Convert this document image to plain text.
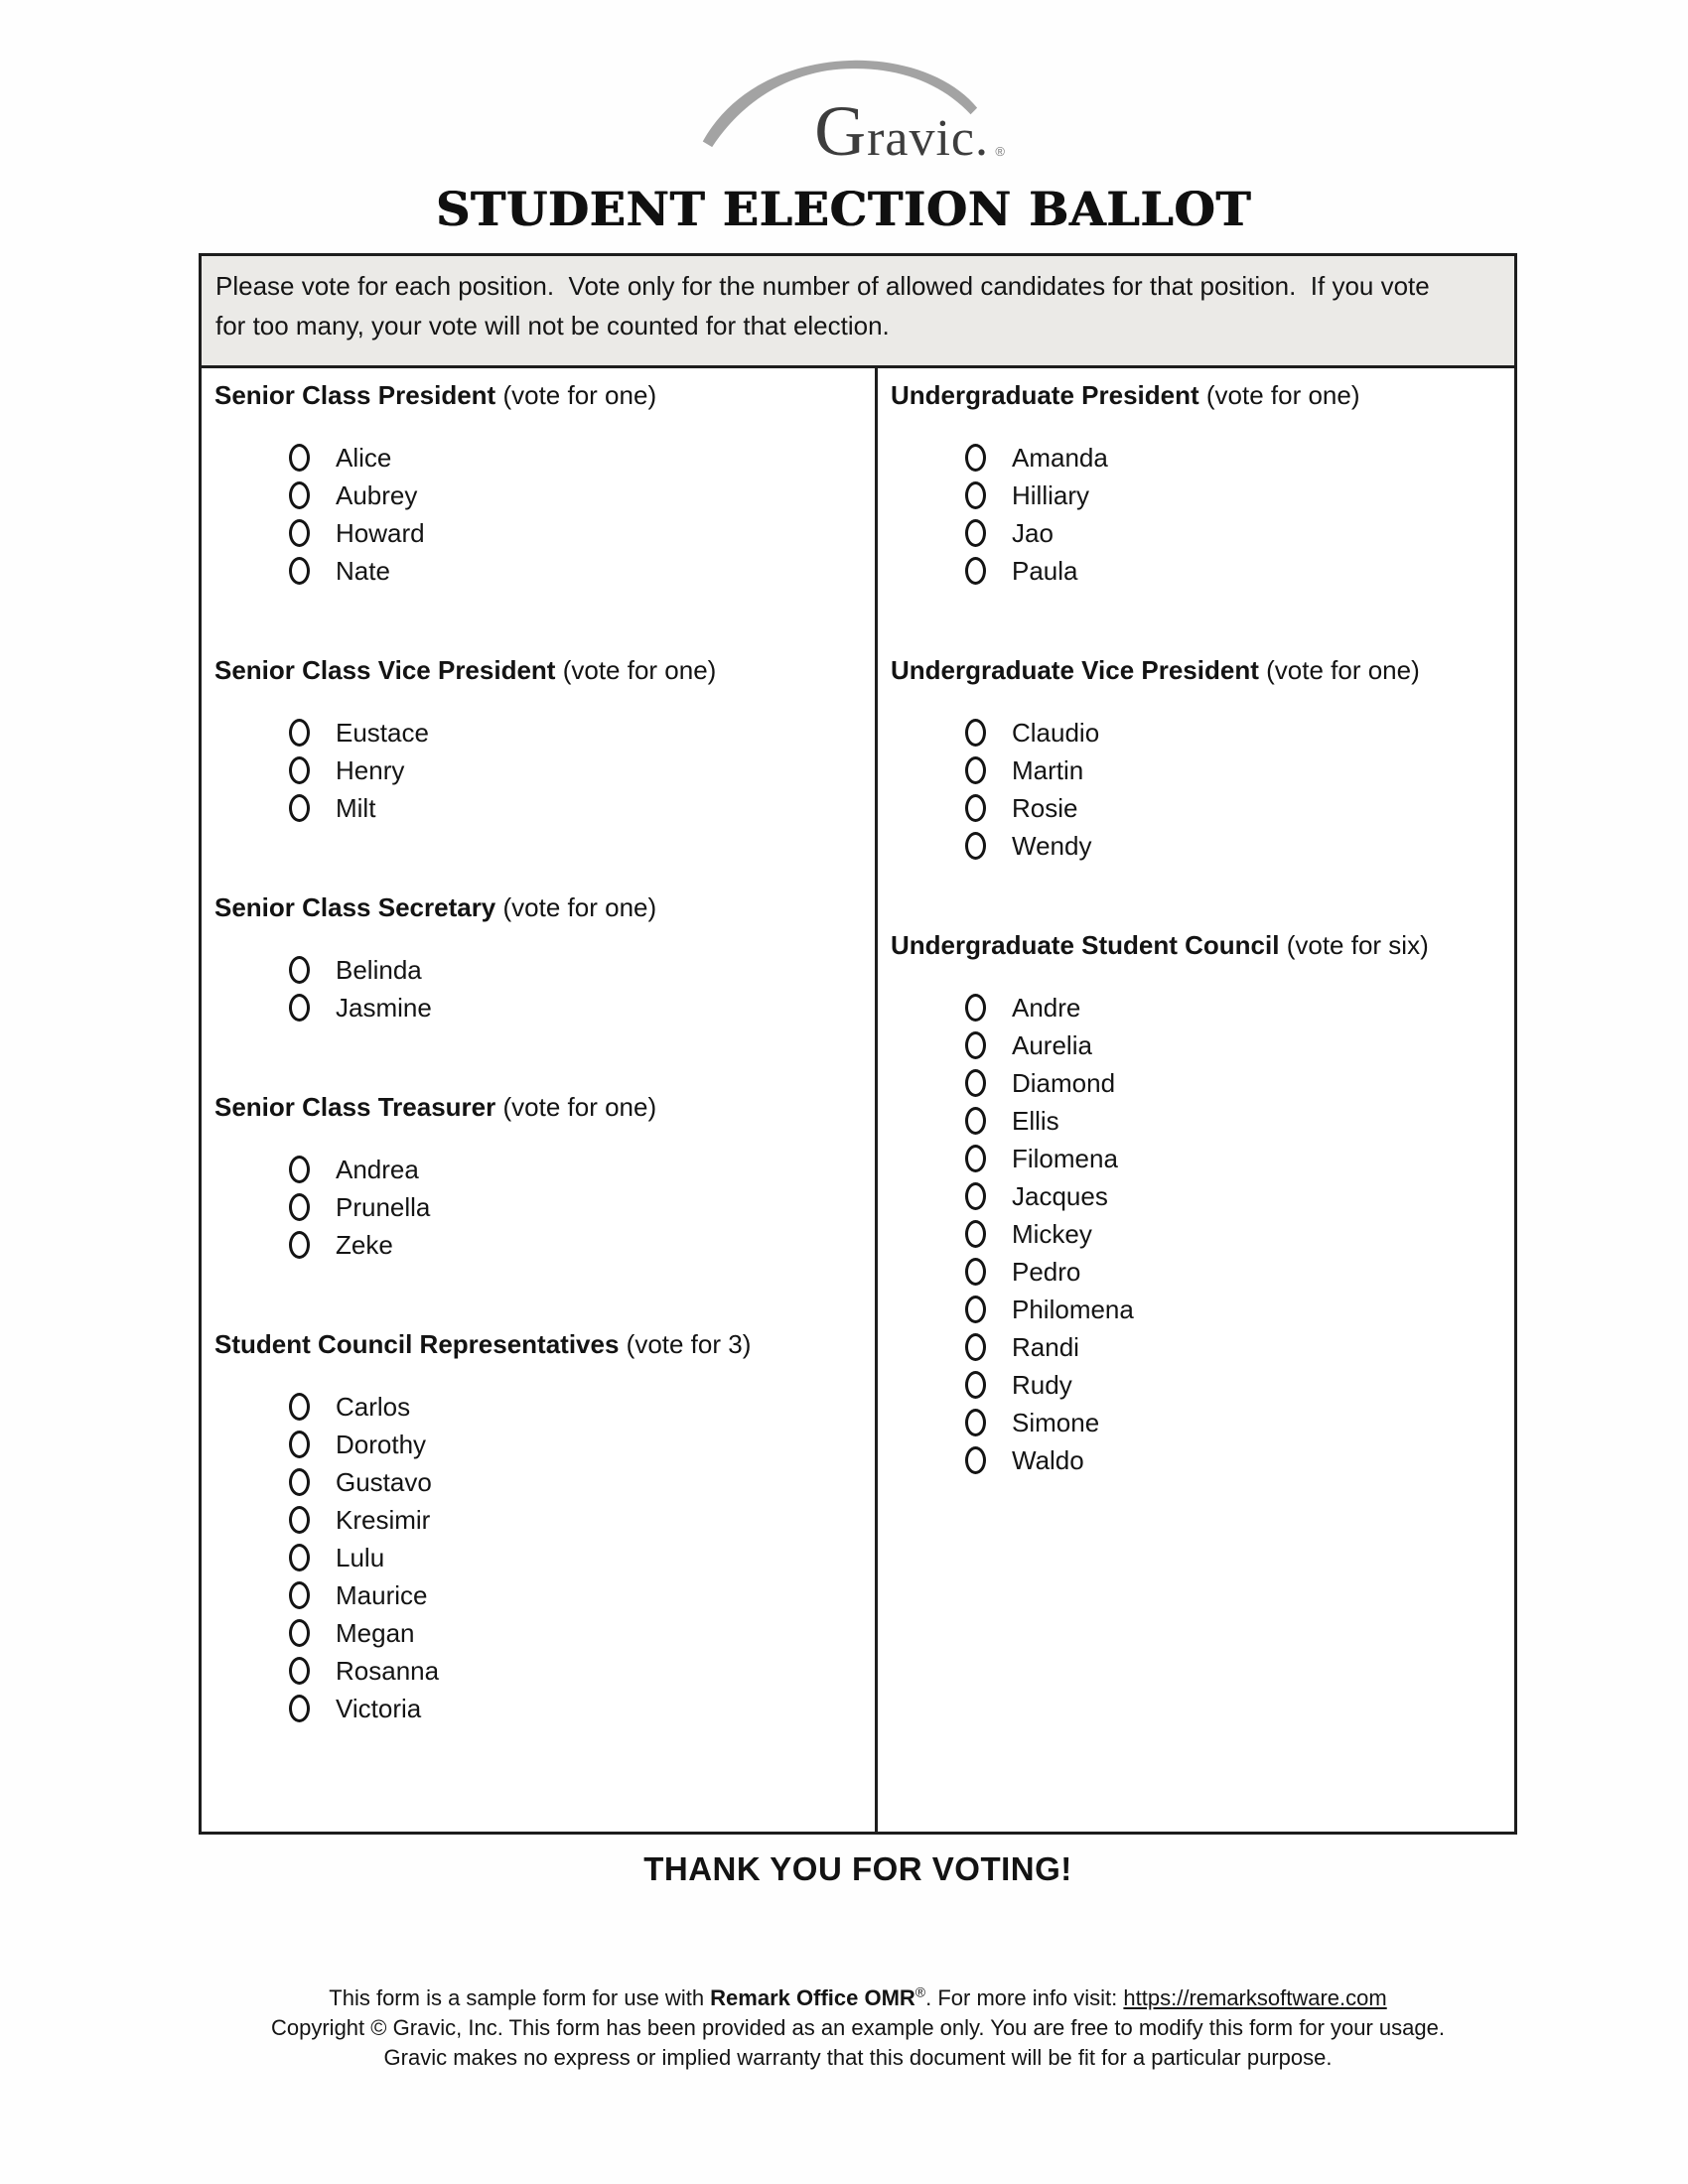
Gravic. ®
STUDENT ELECTION BALLOT

Please vote for each position.  Vote only for the number of allowed candidates for that position.  If you vote for too many, your vote will not be counted for that election.

Senior Class President (vote for one)
Alice
Aubrey
Howard
Nate
Senior Class Vice President (vote for one)
Eustace
Henry
Milt
Senior Class Secretary (vote for one)
Belinda
Jasmine
Senior Class Treasurer (vote for one)
Andrea
Prunella
Zeke
Student Council Representatives (vote for 3)
Carlos
Dorothy
Gustavo
Kresimir
Lulu
Maurice
Megan
Rosanna
Victoria
Undergraduate President (vote for one)
Amanda
Hilliary
Jao
Paula
Undergraduate Vice President (vote for one)
Claudio
Martin
Rosie
Wendy
Undergraduate Student Council (vote for six)
Andre
Aurelia
Diamond
Ellis
Filomena
Jacques
Mickey
Pedro
Philomena
Randi
Rudy
Simone
Waldo
THANK YOU FOR VOTING!

This form is a sample form for use with Remark Office OMR®. For more info visit: https://remarksoftware.com

Copyright © Gravic, Inc. This form has been provided as an example only. You are free to modify this form for your usage.

Gravic makes no express or implied warranty that this document will be fit for a particular purpose.
